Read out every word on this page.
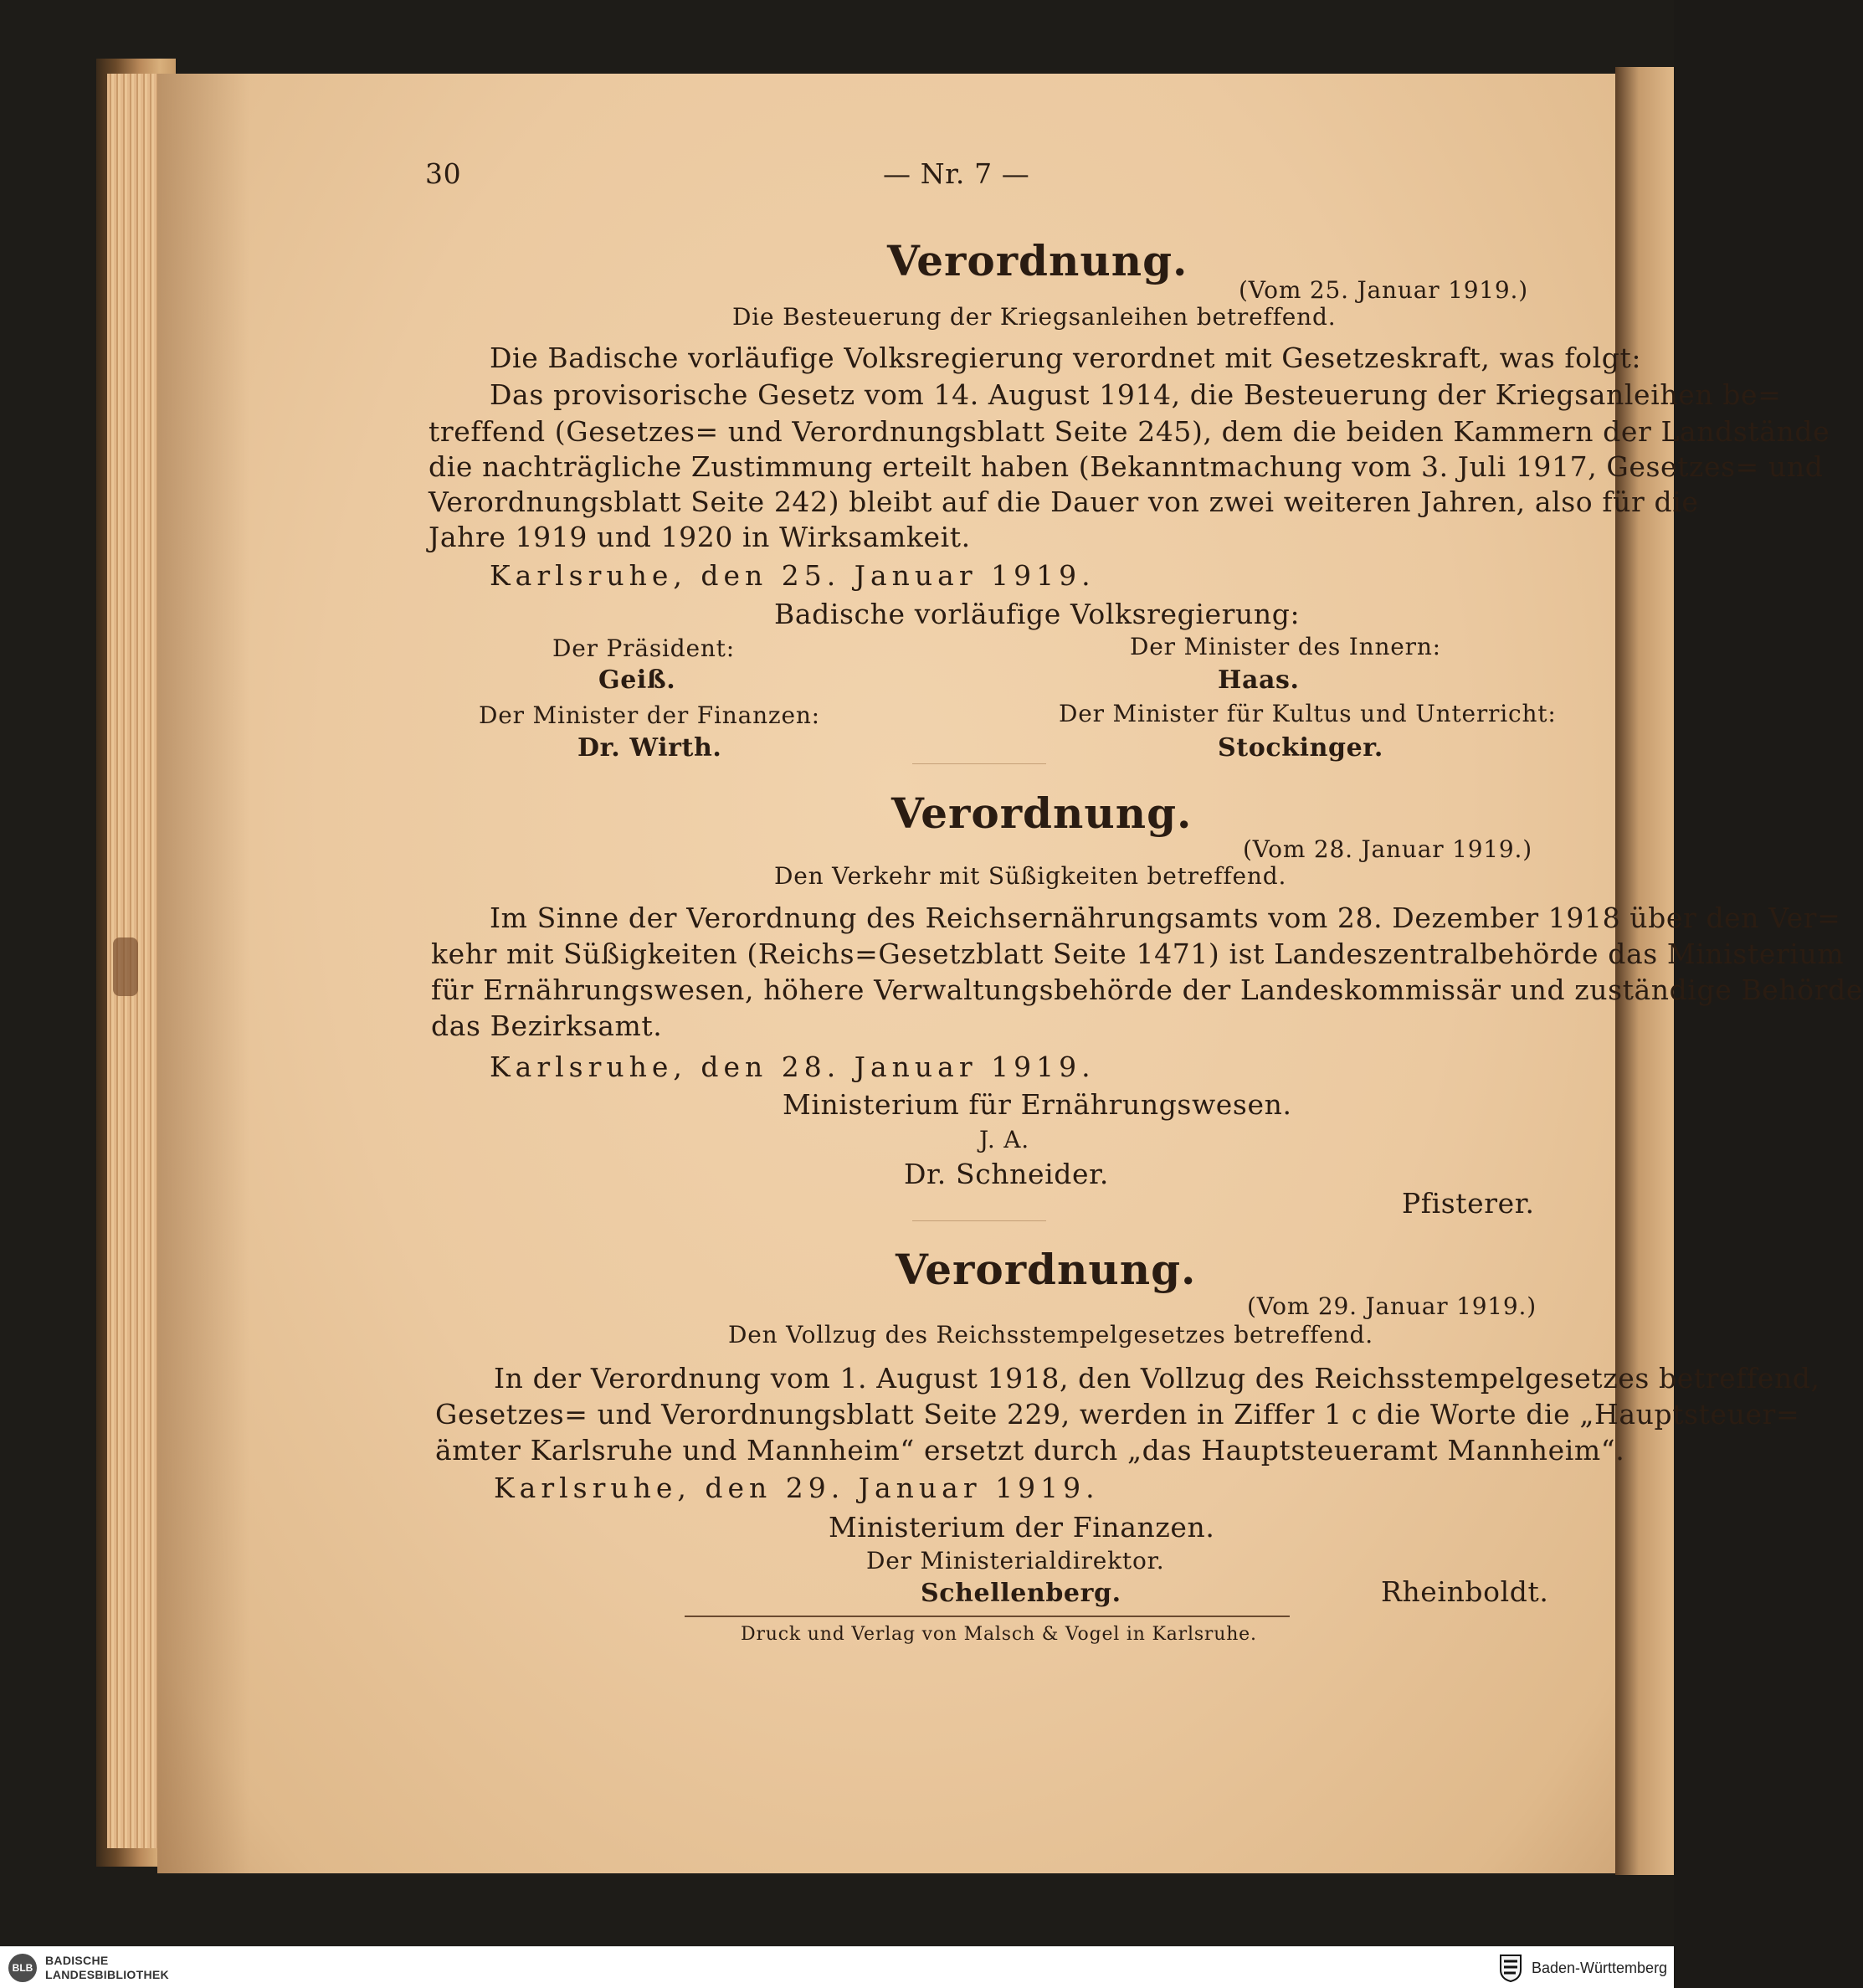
30	— Nr. 7 —
Verordnung.
(Vom 25. Januar 1919.)
Die Besteuerung der Kriegsanleihen betreffend.
Die Badische vorläufige Volksregierung verordnet mit Gesetzeskraft, was folgt:
Das provisorische Gesetz vom 14. August 1914, die Besteuerung der Kriegsanleihen be=
treffend (Gesetzes= und Verordnungsblatt Seite 245), dem die beiden Kammern der Landstände
die nachträgliche Zustimmung erteilt haben (Bekanntmachung vom 3. Juli 1917, Gesetzes= und
Verordnungsblatt Seite 242) bleibt auf die Dauer von zwei weiteren Jahren, also für die
Jahre 1919 und 1920 in Wirksamkeit.
Karlsruhe, den 25. Januar 1919.
Badische vorläufige Volksregierung:
Der Präsident:
Geiß.
Der Minister des Innern:
Haas.
Der Minister der Finanzen:
Dr. Wirth.
Der Minister für Kultus und Unterricht:
Stockinger.
Verordnung.
(Vom 28. Januar 1919.)
Den Verkehr mit Süßigkeiten betreffend.
Im Sinne der Verordnung des Reichsernährungsamts vom 28. Dezember 1918 über den Ver=
kehr mit Süßigkeiten (Reichs=Gesetzblatt Seite 1471) ist Landeszentralbehörde das Ministerium
für Ernährungswesen, höhere Verwaltungsbehörde der Landeskommissär und zuständige Behörde
das Bezirksamt.
Karlsruhe, den 28. Januar 1919.
Ministerium für Ernährungswesen.
J. A.
Dr. Schneider.
Pfisterer.
Verordnung.
(Vom 29. Januar 1919.)
Den Vollzug des Reichsstempelgesetzes betreffend.
In der Verordnung vom 1. August 1918, den Vollzug des Reichsstempelgesetzes betreffend,
Gesetzes= und Verordnungsblatt Seite 229, werden in Ziffer 1 c die Worte die „Hauptsteuer=
ämter Karlsruhe und Mannheim“ ersetzt durch „das Hauptsteueramt Mannheim“.
Karlsruhe, den 29. Januar 1919.
Ministerium der Finanzen.
Der Ministerialdirektor.
Schellenberg.	Rheinboldt.
Druck und Verlag von Malsch & Vogel in Karlsruhe.
BLB
BADISCHE
LANDESBIBLIOTHEK	Baden-Württemberg
